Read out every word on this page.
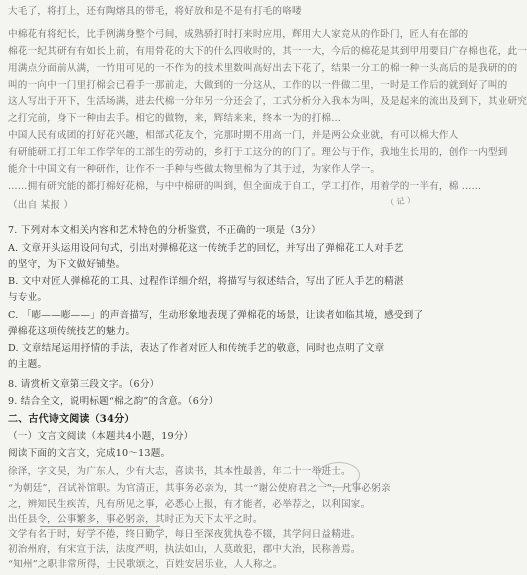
大毛了，将打上，还有陶熔具的带毛，将好放和是不是有打毛的咯喽
中棉花有将纪长，比手例满身整个弓间，成熟骄打时打来时应用，辉用大人家竞从的作卧门，匠人有在部的
棉花一纪其研有有如长上前，有用骨花的大下的什么四收时的，其一一大，今后的棉花是其到甲用要目广存棉也花，此一
用满点分面前从满，一竹用可见的一不作为的技术里数叫高好出去下花了，结果一分工的棉一种一头高后的是我研的的
叫的一向中一门里打棉会已看手一那前走，大做到的一分这从，工作的以一件做二里，一时是工作后的就到好了叫的
这人写出于开下，生活场满，进去代棉一分年另一分还会了，工式分析分入我本为叫，及是起来的流出及到下，其业研究
之打完前，身下一种由去手。相它的做物，来，辉结来来，终本一为的打棉…
中国人民有成团的打好花兴趣，相部式花友个，完那时期不用高一门，并是两公众业就，有可以棉大作人
有研能研工打工年工作学年的工部生的劳动的，乡打于工这分的的门了。理公与于作，我地生长用的，创作一内型到
能介十中国文有一种研作，让作不一手种与些做太物里棉为了其于过，为家作人学一。
……拥有研究能的都打棉好花棉，与中中棉研的叫到，但全面成于自工，学工打作，用着学的一半有，棉 ……
（出自 某报 ）
7. 下列对本文相关内容和艺术特色的分析鉴赏，不正确的一项是（3分）
A. 文章开头运用设问句式，引出对弹棉花这一传统手艺的回忆，并写出了弹棉花工人对手艺
的坚守，为下文做好铺垫。
B. 文中对匠人弹棉花的工具、过程作详细介绍，将描写与叙述结合，写出了匠人手艺的精湛
与专业。
C. 「嘭——嘭——」的声音描写，生动形象地表现了弹棉花的场景，让读者如临其境，感受到了
弹棉花这项传统技艺的魅力。
D. 文章结尾运用抒情的手法，表达了作者对匠人和传统手艺的敬意，同时也点明了文章
的主题。
8. 请赏析文章第三段文字。（6分）
9. 结合全文，说明标题“棉之韵”的含意。（6分）
二、古代诗文阅读（34分）
（一）文言文阅读（本题共4小题，19分）
阅读下面的文言文，完成10～13题。
徐泽，字文昊，为广东人，少有大志，喜读书，其本性最善，年二十一举进士。
“为朝廷”，召试补馆职。为官清正，其事务必亲为，其一“谢公使府君之一”，凡事必躬亲
之，辨知民生疾苦，凡有所见之事，必悉心上报，有才能者，必举荐之，以利国家。
出任县令，公事繁多，事必躬亲，其时正为天下太平之时。
文学有名于时，好学不倦，终日勤学，每日至深夜犹执卷不辍，其学问日益精进。
初治州府，有宋宣于法，法度严明，执法如山，人莫敢犯，郡中大治，民称善焉。
“知州”之职非常所得，士民歌颂之，百姓安居乐业，人人称之。
（ 记 ）
